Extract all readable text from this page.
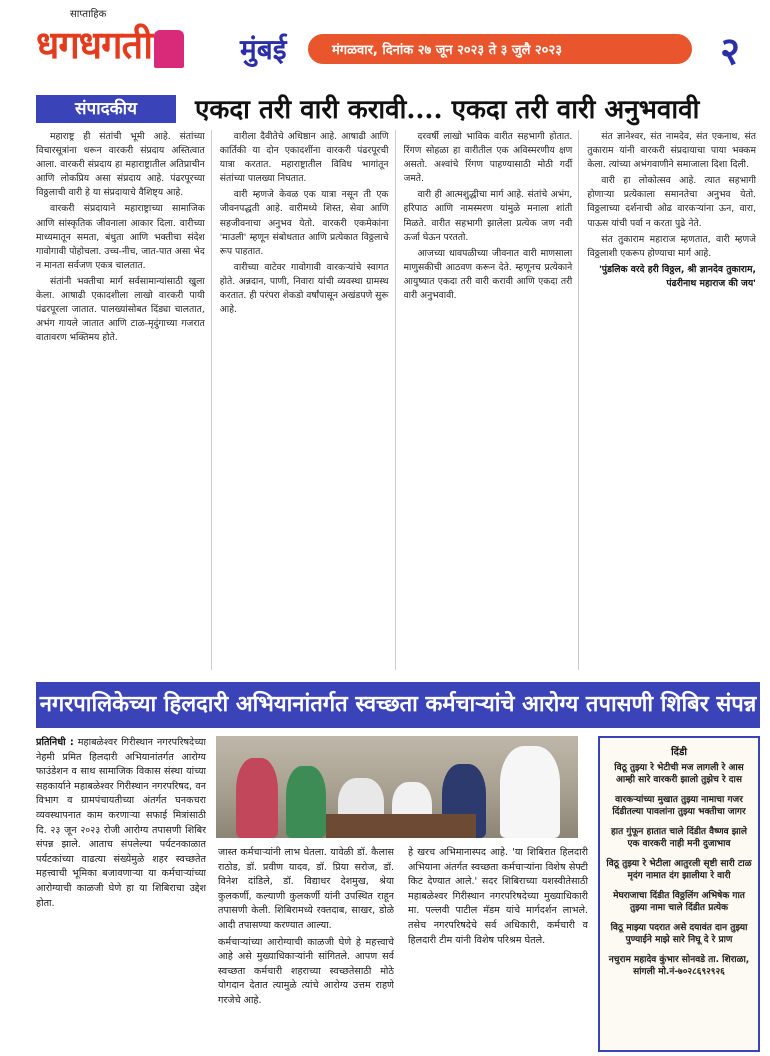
साप्ताहिक
धगधगती	मुंबई	मंगळवार, दिनांक २७ जून २०२३ ते ३ जुलै २०२३	२
संपादकीय	एकदा तरी वारी करावी.... एकदा तरी वारी अनुभवावी

महाराष्ट्र ही संतांची भूमी आहे. संतांच्या विचारसूत्रांना धरून वारकरी संप्रदाय अस्तित्वात आला. वारकरी संप्रदाय हा महाराष्ट्रातील अतिप्राचीन आणि लोकप्रिय असा संप्रदाय आहे. पंढरपूरच्या विठ्ठलाची वारी हे या संप्रदायाचे वैशिष्ट्य आहे.

वारकरी संप्रदायाने महाराष्ट्राच्या सामाजिक आणि सांस्कृतिक जीवनाला आकार दिला. वारीच्या माध्यमातून समता, बंधुता आणि भक्तीचा संदेश गावोगावी पोहोचला. उच्च-नीच, जात-पात असा भेद न मानता सर्वजण एकत्र चालतात.

संतांनी भक्तीचा मार्ग सर्वसामान्यांसाठी खुला केला. आषाढी एकादशीला लाखो वारकरी पायी पंढरपूरला जातात. पालख्यांसोबत दिंड्या चालतात, अभंग गायले जातात आणि टाळ-मृदुंगाच्या गजरात वातावरण भक्तिमय होते.

वारीला दैवीतेचे अधिष्ठान आहे. आषाढी आणि कार्तिकी या दोन एकादशींना वारकरी पंढरपूरची यात्रा करतात. महाराष्ट्रातील विविध भागांतून संतांच्या पालख्या निघतात.

वारी म्हणजे केवळ एक यात्रा नसून ती एक जीवनपद्धती आहे. वारीमध्ये शिस्त, सेवा आणि सहजीवनाचा अनुभव येतो. वारकरी एकमेकांना 'माउली' म्हणून संबोधतात आणि प्रत्येकात विठ्ठलाचे रूप पाहतात.

वारीच्या वाटेवर गावोगावी वारकऱ्यांचे स्वागत होते. अन्नदान, पाणी, निवारा यांची व्यवस्था ग्रामस्थ करतात. ही परंपरा शेकडो वर्षांपासून अखंडपणे सुरू आहे.

दरवर्षी लाखो भाविक वारीत सहभागी होतात. रिंगण सोहळा हा वारीतील एक अविस्मरणीय क्षण असतो. अश्वांचे रिंगण पाहण्यासाठी मोठी गर्दी जमते.

वारी ही आत्मशुद्धीचा मार्ग आहे. संतांचे अभंग, हरिपाठ आणि नामस्मरण यांमुळे मनाला शांती मिळते. वारीत सहभागी झालेला प्रत्येक जण नवी ऊर्जा घेऊन परततो.

आजच्या धावपळीच्या जीवनात वारी माणसाला माणुसकीची आठवण करून देते. म्हणूनच प्रत्येकाने आयुष्यात एकदा तरी वारी करावी आणि एकदा तरी वारी अनुभवावी.

संत ज्ञानेश्वर, संत नामदेव, संत एकनाथ, संत तुकाराम यांनी वारकरी संप्रदायाचा पाया भक्कम केला. त्यांच्या अभंगवाणीने समाजाला दिशा दिली.

वारी हा लोकोत्सव आहे. त्यात सहभागी होणाऱ्या प्रत्येकाला समानतेचा अनुभव येतो. विठ्ठलाच्या दर्शनाची ओढ वारकऱ्यांना ऊन, वारा, पाऊस यांची पर्वा न करता पुढे नेते.

संत तुकाराम महाराज म्हणतात, वारी म्हणजे विठ्ठलाशी एकरूप होण्याचा मार्ग आहे.

'पुंडलिक वरदे हरी विठ्ठल, श्री ज्ञानदेव तुकाराम, पंढरीनाथ महाराज की जय'

नगरपालिकेच्या हिलदारी अभियानांतर्गत स्वच्छता कर्मचाऱ्यांचे आरोग्य तपासणी शिबिर संपन्न

प्रतिनिधी : महाबळेश्वर गिरीस्थान नगरपरिषदेच्या नेहमी प्रमित हिलदारी अभियानांतर्गत आरोग्य फाउंडेशन व साथ सामाजिक विकास संस्था यांच्या सहकार्याने महाबळेश्वर गिरीस्थान नगरपरिषद, वन विभाग व ग्रामपंचायतीच्या अंतर्गत घनकचरा व्यवस्थापनात काम करणाऱ्या सफाई मित्रांसाठी दि. २३ जून २०२३ रोजी आरोग्य तपासणी शिबिर संपन्न झाले. आताच संपलेल्या पर्यटनकाळात पर्यटकांच्या वाढत्या संख्येमुळे शहर स्वच्छतेत महत्त्वाची भूमिका बजावणाऱ्या या कर्मचाऱ्यांच्या आरोग्याची काळजी घेणे हा या शिबिराचा उद्देश होता.

जास्त कर्मचाऱ्यांनी लाभ घेतला. यावेळी डॉ. कैलास राठोड, डॉ. प्रवीण यादव, डॉ. प्रिया सरोज, डॉ. विनेश दांडिले, डॉ. विद्याधर देशमुख, श्रेया कुलकर्णी, कल्याणी कुलकर्णी यांनी उपस्थित राहून तपासणी केली. शिबिरामध्ये रक्तदाब, साखर, डोळे आदी तपासण्या करण्यात आल्या.

कर्मचाऱ्यांच्या आरोग्याची काळजी घेणे हे महत्त्वाचे आहे असे मुख्याधिकाऱ्यांनी सांगितले. आपण सर्व स्वच्छता कर्मचारी शहराच्या स्वच्छतेसाठी मोठे योगदान देतात त्यामुळे त्यांचे आरोग्य उत्तम राहणे गरजेचे आहे.

हे खरच अभिमानास्पद आहे. 'या शिबिरात हिलदारी अभियाना अंतर्गत स्वच्छता कर्मचाऱ्यांना विशेष सेफ्टी किट देण्यात आले.' सदर शिबिराच्या यशस्वीतेसाठी महाबळेश्वर गिरीस्थान नगरपरिषदेच्या मुख्याधिकारी मा. पल्लवी पाटील मॅडम यांचे मार्गदर्शन लाभले. तसेच नगरपरिषदेचे सर्व अधिकारी, कर्मचारी व हिलदारी टीम यांनी विशेष परिश्रम घेतले.

दिंडी
विठू तुझ्या रे भेटीची मज लागली रे आस आम्ही सारे वारकरी झालो तुझेच रे दास
वारकऱ्यांच्या मुखात तुझ्या नामाचा गजर दिंडीतल्या पावलांना तुझ्या भक्तीचा जागर
हात गुंफून हातात चाले दिंडीत वैष्णव झाले एक वारकरी नाही मनी दुजाभाव
विठू तुझ्या रे भेटीला आतुरली सृष्टी सारी टाळ मृदंग नामात दंग झालीया रे वारी
मेघराजाचा दिंडीत विठ्ठलिंग अभिषेक गात तुझ्या नामा चाले दिंडीत प्रत्येक
विठू माझ्या पदरात असे दयावंत दान तुझ्या पुण्याईने माझे सारे निघू दे रे प्राण
नचुराम महादेव कुंभार सोनवडे ता. शिराळा, सांगली मो.नं-७०२८६९२९२६
